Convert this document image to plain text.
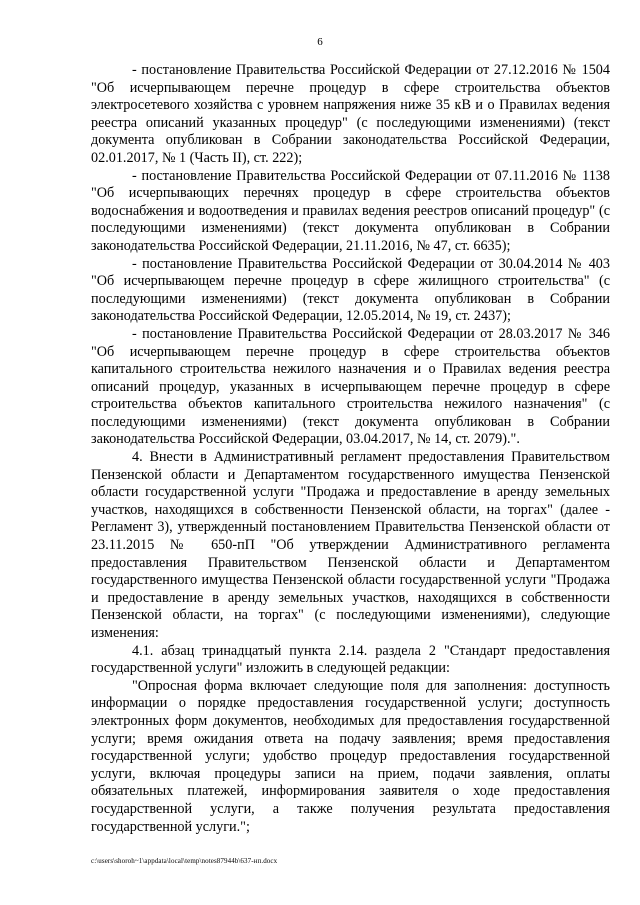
6

- постановление Правительства Российской Федерации от 27.12.2016 № 1504 "Об исчерпывающем перечне процедур в сфере строительства объектов электросетевого хозяйства с уровнем напряжения ниже 35 кВ и о Правилах ведения реестра описаний указанных процедур" (с последующими изменениями) (текст документа опубликован в Собрании законодательства Российской Федерации, 02.01.2017, № 1 (Часть II), ст. 222);

- постановление Правительства Российской Федерации от 07.11.2016 № 1138 "Об исчерпывающих перечнях процедур в сфере строительства объектов водоснабжения и водоотведения и правилах ведения реестров описаний процедур" (с последующими изменениями) (текст документа опубликован в Собрании законодательства Российской Федерации, 21.11.2016, № 47, ст. 6635);

- постановление Правительства Российской Федерации от 30.04.2014 № 403 "Об исчерпывающем перечне процедур в сфере жилищного строительства" (с последующими изменениями) (текст документа опубликован в Собрании законодательства Российской Федерации, 12.05.2014, № 19, ст. 2437);

- постановление Правительства Российской Федерации от 28.03.2017 № 346 "Об исчерпывающем перечне процедур в сфере строительства объектов капитального строительства нежилого назначения и о Правилах ведения реестра описаний процедур, указанных в исчерпывающем перечне процедур в сфере строительства объектов капитального строительства нежилого назначения" (с последующими изменениями) (текст документа опубликован в Собрании законодательства Российской Федерации, 03.04.2017, № 14, ст. 2079).".

4. Внести в Административный регламент предоставления Правительством Пензенской области и Департаментом государственного имущества Пензенской области государственной услуги "Продажа и предоставление в аренду земельных участков, находящихся в собственности Пензенской области, на торгах" (далее - Регламент 3), утвержденный постановлением Правительства Пензенской области от 23.11.2015 № 650-пП "Об утверждении Административного регламента предоставления Правительством Пензенской области и Департаментом государственного имущества Пензенской области государственной услуги "Продажа и предоставление в аренду земельных участков, находящихся в собственности Пензенской области, на торгах" (с последующими изменениями), следующие изменения:

4.1. абзац тринадцатый пункта 2.14. раздела 2 "Стандарт предоставления государственной услуги" изложить в следующей редакции:

"Опросная форма включает следующие поля для заполнения: доступность информации о порядке предоставления государственной услуги; доступность электронных форм документов, необходимых для предоставления государственной услуги; время ожидания ответа на подачу заявления; время предоставления государственной услуги; удобство процедур предоставления государственной услуги, включая процедуры записи на прием, подачи заявления, оплаты обязательных платежей, информирования заявителя о ходе предоставления государственной услуги, а также получения результата предоставления государственной услуги.";

c:\users\shoroh~1\appdata\local\temp\notes87944b\637-нп.docx
